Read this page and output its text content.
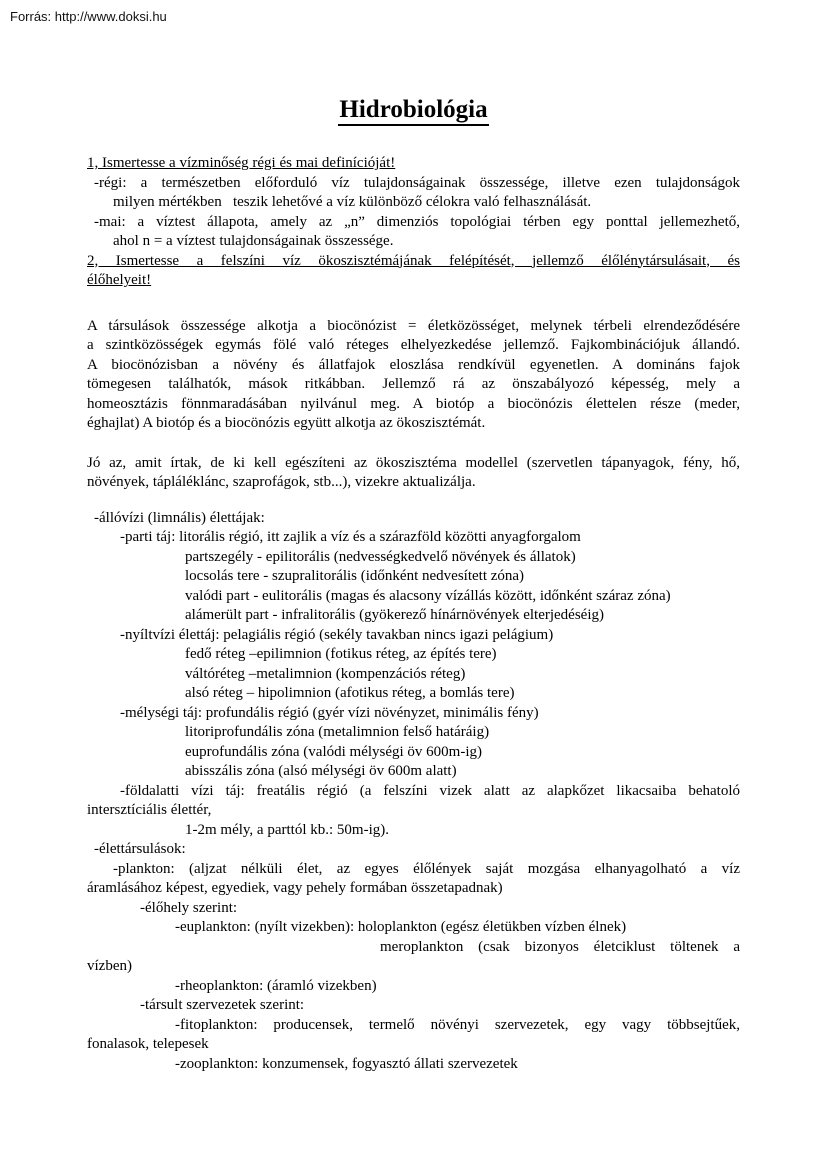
Forrás: http://www.doksi.hu
Hidrobiológia
1, Ismertesse a vízminőség régi és mai definícióját!
-régi: a természetben előforduló víz tulajdonságainak összessége, illetve ezen tulajdonságok
milyen mértékben   teszik lehetővé a víz különböző célokra való felhasználását.
-mai: a víztest állapota, amely az „n” dimenziós topológiai térben egy ponttal jellemezhető,
ahol n = a víztest tulajdonságainak összessége.
2, Ismertesse a felszíni víz ökoszisztémájának felépítését, jellemző élőlénytársulásait, és
élőhelyeit!
A társulások összessége alkotja a biocönózist = életközösséget, melynek térbeli elrendeződésére
a szintközösségek egymás fölé való réteges elhelyezkedése jellemző. Fajkombinációjuk állandó.
A biocönózisban a növény és állatfajok eloszlása rendkívül egyenetlen. A domináns fajok
tömegesen találhatók, mások ritkábban. Jellemző rá az önszabályozó képesség, mely a
homeosztázis fönnmaradásában nyilvánul meg. A biotóp a biocönózis élettelen része (meder,
éghajlat) A biotóp és a biocönózis együtt alkotja az ökoszisztémát.
Jó az, amit írtak, de ki kell egészíteni az ökoszisztéma modellel (szervetlen tápanyagok, fény, hő,
növények, tápláléklánc, szaprofágok, stb...), vizekre aktualizálja.
-állóvízi (limnális) élettájak:
-parti táj: litorális régió, itt zajlik a víz és a szárazföld közötti anyagforgalom
partszegély - epilitorális (nedvességkedvelő növények és állatok)
locsolás tere - szupralitorális (időnként nedvesített zóna)
valódi part - eulitorális (magas és alacsony vízállás között, időnként száraz zóna)
alámerült part - infralitorális (gyökerező hínárnövények elterjedéséig)
-nyíltvízi élettáj: pelagiális régió (sekély tavakban nincs igazi pelágium)
fedő réteg –epilimnion (fotikus réteg, az építés tere)
váltóréteg –metalimnion (kompenzációs réteg)
alsó réteg – hipolimnion (afotikus réteg, a bomlás tere)
-mélységi táj: profundális régió (gyér vízi növényzet, minimális fény)
litoriprofundális zóna (metalimnion felső határáig)
euprofundális zóna (valódi mélységi öv 600m-ig)
abisszális zóna (alsó mélységi öv 600m alatt)
-földalatti vízi táj: freatális régió (a felszíni vizek alatt az alapkőzet likacsaiba behatoló
intersztíciális élettér,
1-2m mély, a parttól kb.: 50m-ig).
-élettársulások:
-plankton: (aljzat nélküli élet, az egyes élőlények saját mozgása elhanyagolható a víz
áramlásához képest, egyediek, vagy pehely formában összetapadnak)
-élőhely szerint:
-euplankton: (nyílt vizekben): holoplankton (egész életükben vízben élnek)
meroplankton (csak bizonyos életciklust töltenek a
vízben)
-rheoplankton: (áramló vizekben)
-társult szervezetek szerint:
-fitoplankton: producensek, termelő növényi szervezetek, egy vagy többsejtűek,
fonalasok, telepesek
-zooplankton: konzumensek, fogyasztó állati szervezetek
